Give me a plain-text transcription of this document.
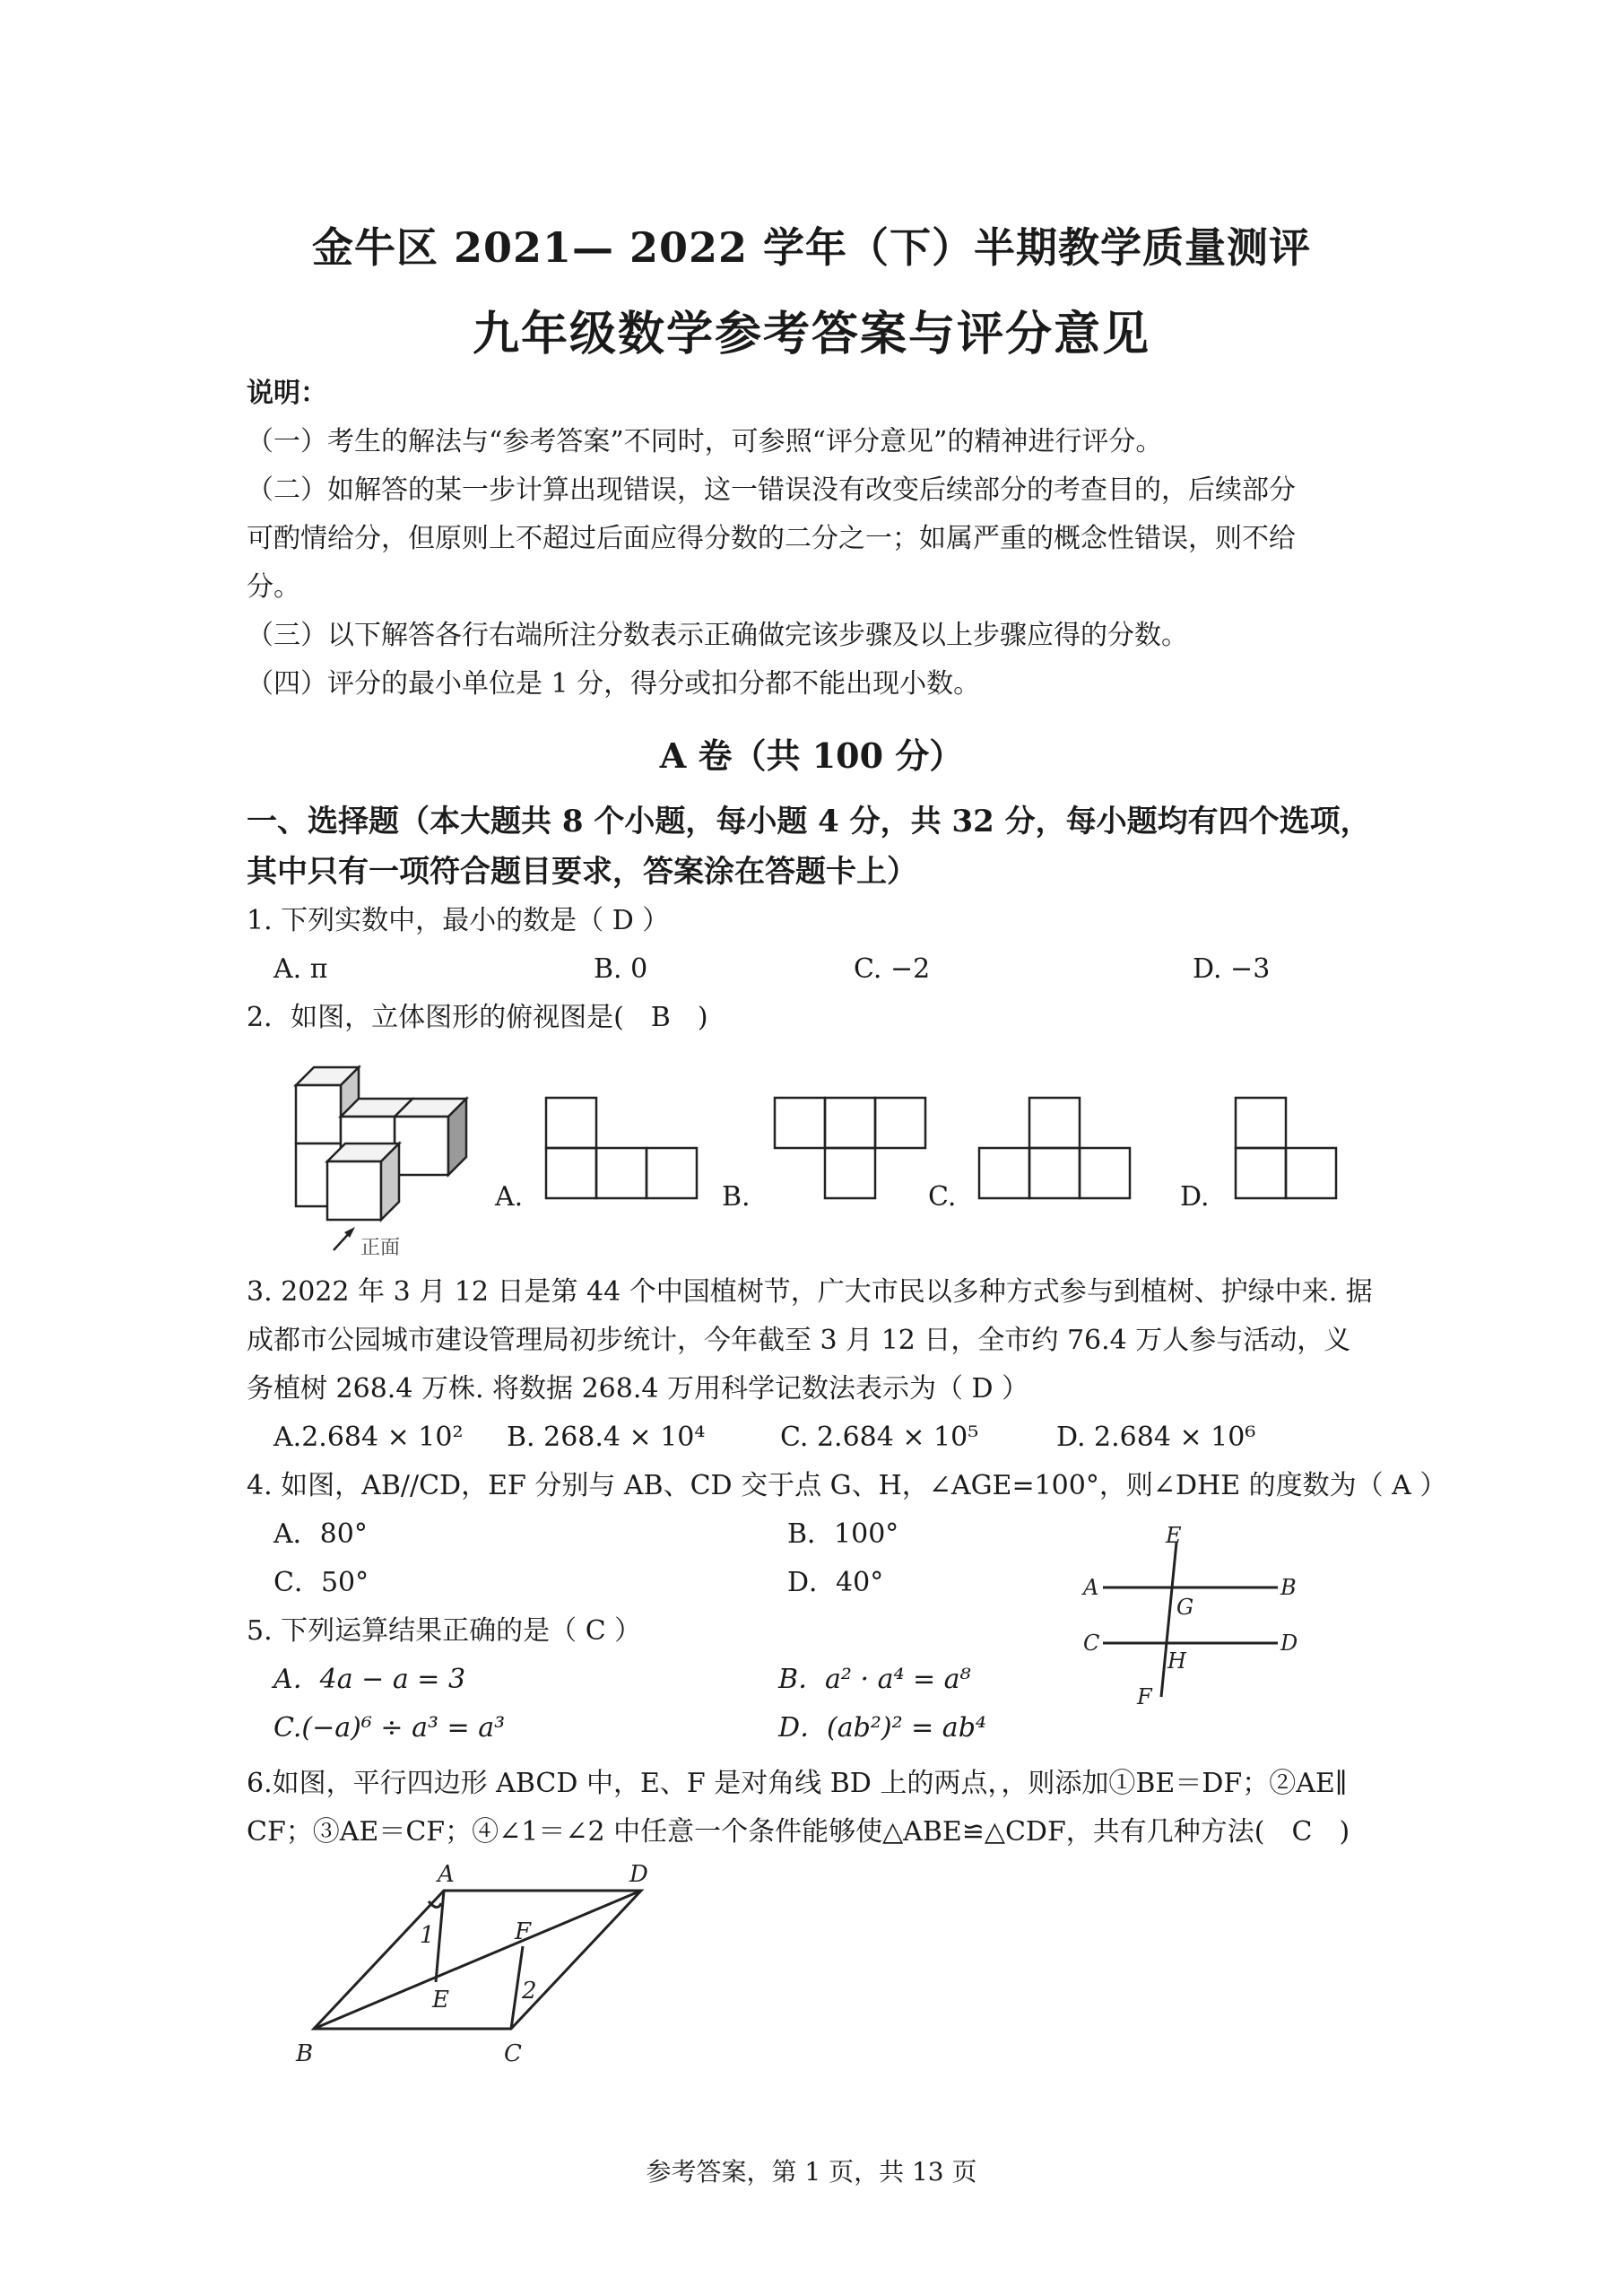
金牛区 2021— 2022 学年（下）半期教学质量测评
九年级数学参考答案与评分意见
说明：
（一）考生的解法与“参考答案”不同时，可参照“评分意见”的精神进行评分。
（二）如解答的某一步计算出现错误，这一错误没有改变后续部分的考查目的，后续部分
可酌情给分，但原则上不超过后面应得分数的二分之一；如属严重的概念性错误，则不给
分。
（三）以下解答各行右端所注分数表示正确做完该步骤及以上步骤应得的分数。
（四）评分的最小单位是 1 分，得分或扣分都不能出现小数。
A 卷（共 100 分）
一、选择题（本大题共 8 个小题，每小题 4 分，共 32 分，每小题均有四个选项，
其中只有一项符合题目要求，答案涂在答题卡上）
1. 下列实数中，最小的数是（ D ）
A. π	B. 0	C. −2	D. −3
2．如图，立体图形的俯视图是(　B　)
正面
A.	B.	C.	D.
3. 2022 年 3 月 12 日是第 44 个中国植树节，广大市民以多种方式参与到植树、护绿中来. 据
成都市公园城市建设管理局初步统计，今年截至 3 月 12 日，全市约 76.4 万人参与活动，义
务植树 268.4 万株. 将数据 268.4 万用科学记数法表示为（ D ）
A.2.684 × 10² B. 268.4 × 10⁴	C. 2.684 × 10⁵	D. 2.684 × 10⁶
4. 如图，AB//CD，EF 分别与 AB、CD 交于点 G、H，∠AGE=100°，则∠DHE 的度数为（ A ）
A．80°	B．100°
C．50°	D．40°
E
A	B
G
C
H
D
F
5. 下列运算结果正确的是（ C ）
A．4a − a = 3	B．a² · a⁴ = a⁸
C.(−a)⁶ ÷ a³ = a³	D．(ab²)² = ab⁴
6.如图，平行四边形 ABCD 中，E、F 是对角线 BD 上的两点，，则添加①BE＝DF；②AE∥
CF；③AE＝CF；④∠1＝∠2 中任意一个条件能够使△ABE≌△CDF，共有几种方法(　C　)
A	D
F
1
E	2
B	C
参考答案，第 1 页，共 13 页
